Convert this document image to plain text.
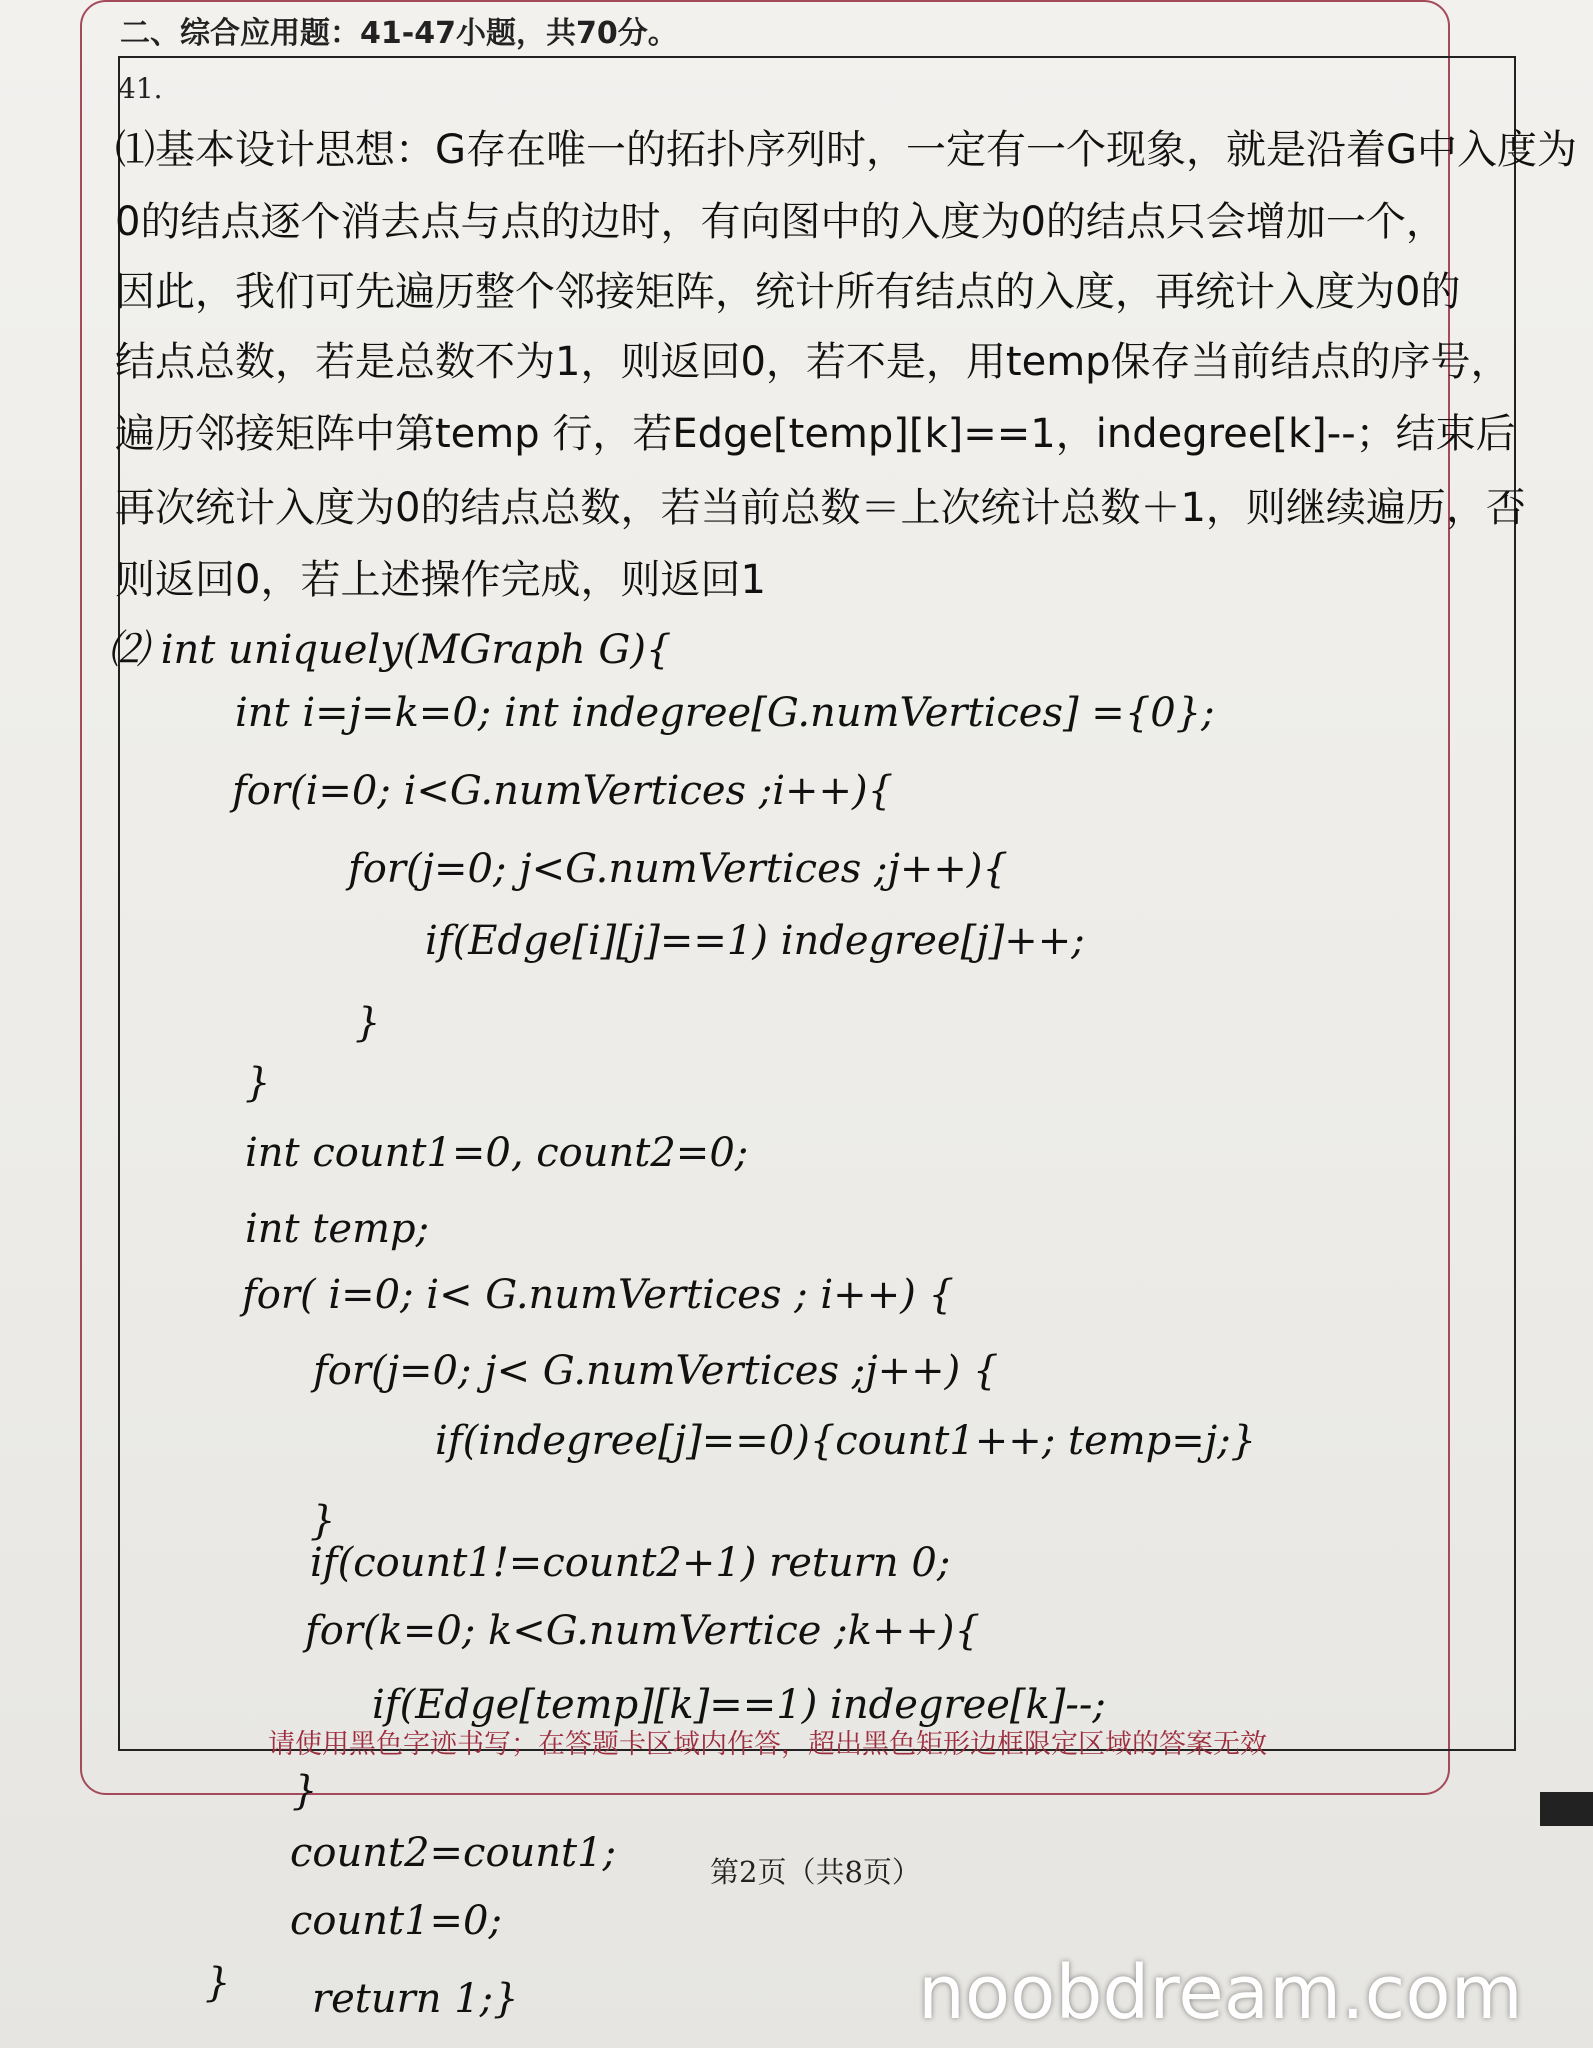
二、综合应用题：41-47小题，共70分。
41.
⑴基本设计思想：G存在唯一的拓扑序列时，一定有一个现象，就是沿着G中入度为
0的结点逐个消去点与点的边时，有向图中的入度为0的结点只会增加一个，
因此，我们可先遍历整个邻接矩阵，统计所有结点的入度，再统计入度为0的
结点总数，若是总数不为1，则返回0，若不是，用temp保存当前结点的序号，
遍历邻接矩阵中第temp 行，若Edge[temp][k]==1，indegree[k]--；结束后
再次统计入度为0的结点总数，若当前总数＝上次统计总数＋1，则继续遍历，否
则返回0，若上述操作完成，则返回1
⑵ int uniquely(MGraph G){
int i=j=k=0; int indegree[G.numVertices] ={0};
for(i=0; i<G.numVertices ;i++){
for(j=0; j<G.numVertices ;j++){
if(Edge[i][j]==1) indegree[j]++;
}
}
int count1=0, count2=0;
int temp;
for( i=0; i< G.numVertices ; i++) {
for(j=0; j< G.numVertices ;j++) {
if(indegree[j]==0){count1++; temp=j;}
}
if(count1!=count2+1) return 0;
for(k=0; k<G.numVertice ;k++){
if(Edge[temp][k]==1) indegree[k]--;
请使用黑色字迹书写；在答题卡区域内作答，超出黑色矩形边框限定区域的答案无效
}
count2=count1;
count1=0;
} return 1;}
第2页（共8页）
noobdream.com
